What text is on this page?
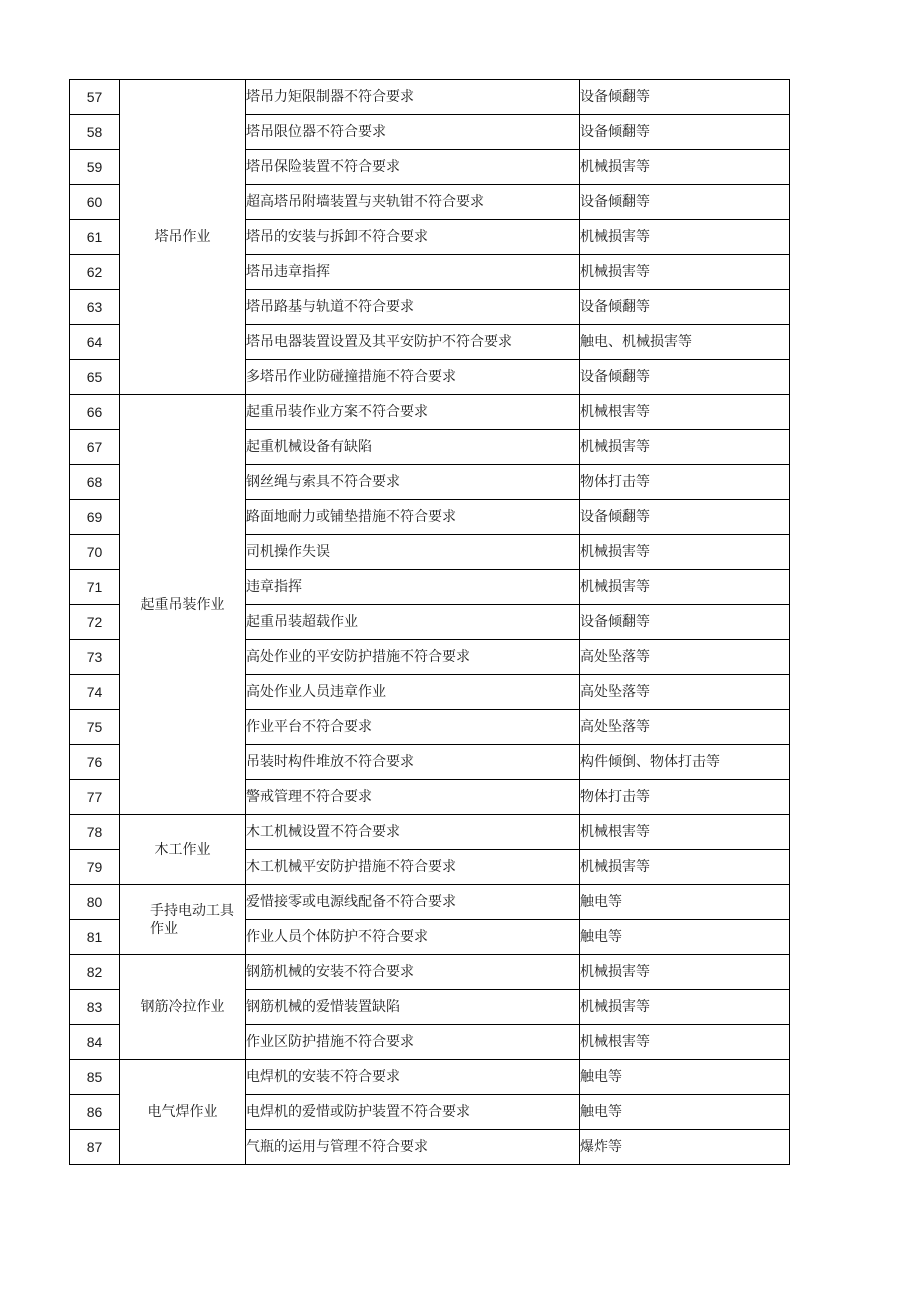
57	塔吊作业	塔吊力矩限制器不符合要求	设备倾翻等
58		塔吊限位器不符合要求	设备倾翻等
59		塔吊保险装置不符合要求	机械损害等
60		超高塔吊附墙装置与夹轨钳不符合要求	设备倾翻等
61		塔吊的安装与拆卸不符合要求	机械损害等
62		塔吊违章指挥	机械损害等
63		塔吊路基与轨道不符合要求	设备倾翻等
64		塔吊电器装置设置及其平安防护不符合要求	触电、机械损害等
65		多塔吊作业防碰撞措施不符合要求	设备倾翻等
66	起重吊装作业	起重吊装作业方案不符合要求	机械根害等
67		起重机械设备有缺陷	机械损害等
68		钢丝绳与索具不符合要求	物体打击等
69		路面地耐力或铺垫措施不符合要求	设备倾翻等
70		司机操作失误	机械损害等
71		违章指挥	机械损害等
72		起重吊装超载作业	设备倾翻等
73		高处作业的平安防护措施不符合要求	高处坠落等
74		高处作业人员违章作业	高处坠落等
75		作业平台不符合要求	高处坠落等
76		吊装时构件堆放不符合要求	构件倾倒、物体打击等
77		警戒管理不符合要求	物体打击等
78	木工作业	木工机械设置不符合要求	机械根害等
79		木工机械平安防护措施不符合要求	机械损害等
80	手持电动工具作业	爱惜接零或电源线配备不符合要求	触电等
81		作业人员个体防护不符合要求	触电等
82	钢筋冷拉作业	钢筋机械的安装不符合要求	机械损害等
83		钢筋机械的爱惜装置缺陷	机械损害等
84		作业区防护措施不符合要求	机械根害等
85	电气焊作业	电焊机的安装不符合要求	触电等
86		电焊机的爱惜或防护装置不符合要求	触电等
87		气瓶的运用与管理不符合要求	爆炸等
